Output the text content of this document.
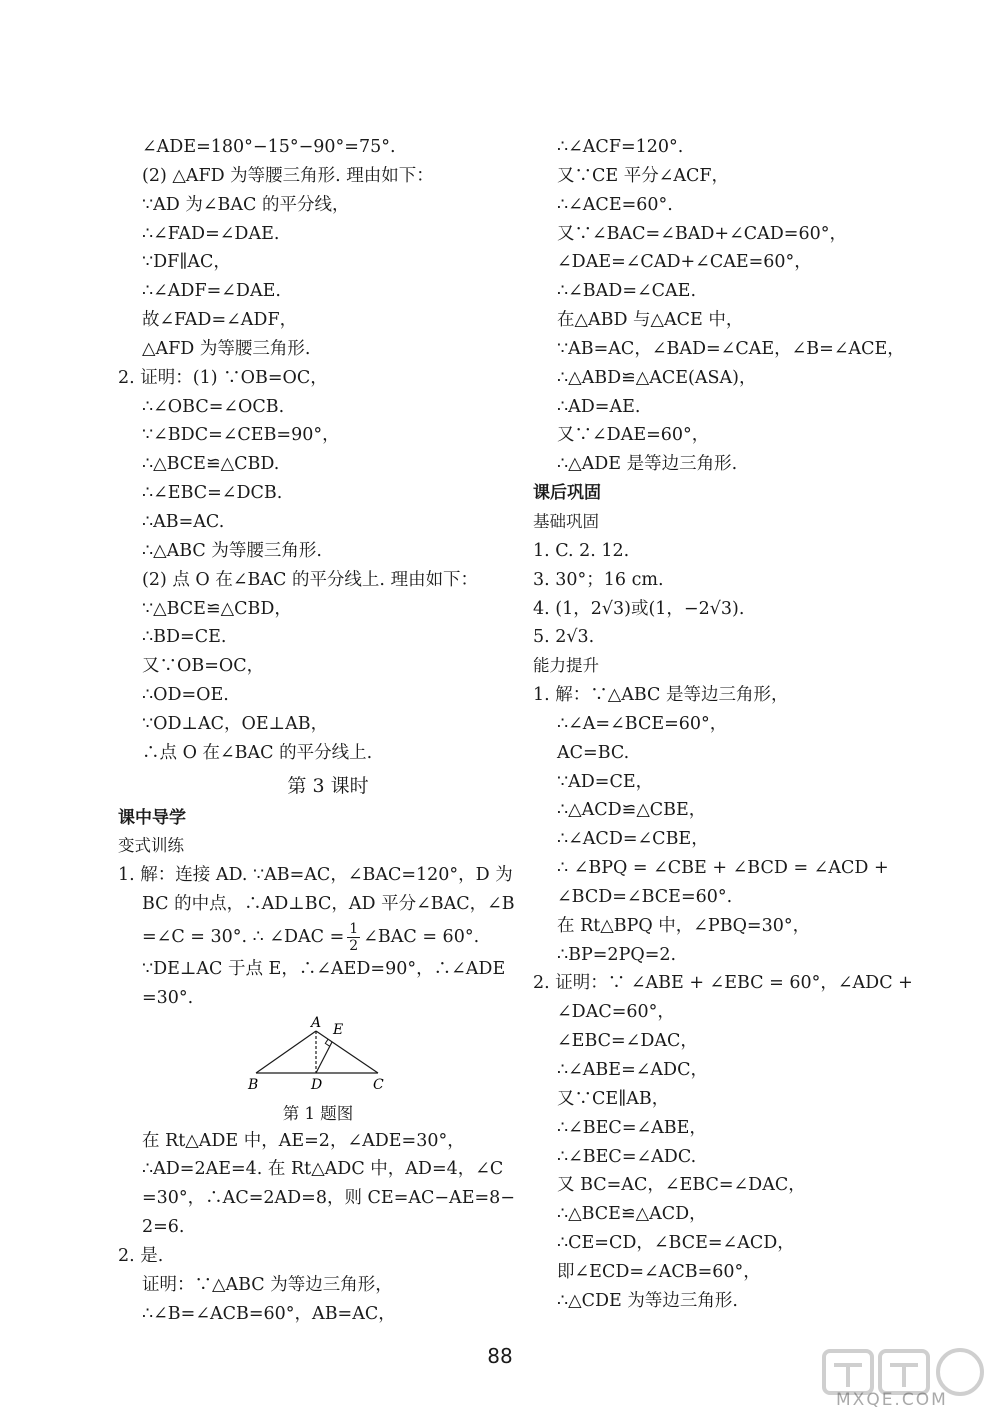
∠ADE=180°−15°−90°=75°.
(2) △AFD 为等腰三角形. 理由如下：
∵AD 为∠BAC 的平分线，
∴∠FAD=∠DAE.
∵DF∥AC，
∴∠ADF=∠DAE.
故∠FAD=∠ADF，
△AFD 为等腰三角形.
2. 证明：(1) ∵OB=OC，
∴∠OBC=∠OCB.
∵∠BDC=∠CEB=90°，
∴△BCE≌△CBD.
∴∠EBC=∠DCB.
∴AB=AC.
∴△ABC 为等腰三角形.
(2) 点 O 在∠BAC 的平分线上. 理由如下：
∵△BCE≌△CBD，
∴BD=CE.
又∵OB=OC，
∴OD=OE.
∵OD⊥AC，OE⊥AB，
∴点 O 在∠BAC 的平分线上.
第 3 课时
课中导学
变式训练
1. 解：连接 AD. ∵AB=AC，∠BAC=120°，D 为
BC 的中点，∴AD⊥BC，AD 平分∠BAC，∠B
=∠C = 30°. ∴ ∠DAC = $\frac{1}{2}$ ∠BAC = 60°.
∵DE⊥AC 于点 E，∴∠AED=90°，∴∠ADE
=30°.
A E
B	D	C
第 1 题图
在 Rt△ADE 中，AE=2，∠ADE=30°，
∴AD=2AE=4. 在 Rt△ADC 中，AD=4，∠C
=30°，∴AC=2AD=8，则 CE=AC−AE=8−
2=6.
2. 是.
证明：∵△ABC 为等边三角形，
∴∠B=∠ACB=60°，AB=AC，
∴∠ACF=120°.
又∵CE 平分∠ACF，
∴∠ACE=60°.
又∵∠BAC=∠BAD+∠CAD=60°，
∠DAE=∠CAD+∠CAE=60°，
∴∠BAD=∠CAE.
在△ABD 与△ACE 中，
∵AB=AC，∠BAD=∠CAE，∠B=∠ACE，
∴△ABD≌△ACE(ASA)，
∴AD=AE.
又∵∠DAE=60°，
∴△ADE 是等边三角形.
课后巩固
基础巩固
1. C. 2. 12.
3. 30°；16 cm.
4. (1，2√3)或(1，−2√3).
5. 2√3.
能力提升
1. 解：∵△ABC 是等边三角形，
∴∠A=∠BCE=60°，
AC=BC.
∵AD=CE，
∴△ACD≌△CBE，
∴∠ACD=∠CBE，
∴ ∠BPQ = ∠CBE + ∠BCD = ∠ACD +
∠BCD=∠BCE=60°.
在 Rt△BPQ 中，∠PBQ=30°，
∴BP=2PQ=2.
2. 证明：∵ ∠ABE + ∠EBC = 60°，∠ADC +
∠DAC=60°，
∠EBC=∠DAC，
∴∠ABE=∠ADC，
又∵CE∥AB，
∴∠BEC=∠ABE，
∴∠BEC=∠ADC.
又 BC=AC，∠EBC=∠DAC，
∴△BCE≌△ACD，
∴CE=CD，∠BCE=∠ACD，
即∠ECD=∠ACB=60°，
∴△CDE 为等边三角形.
88
MXQE.COM
